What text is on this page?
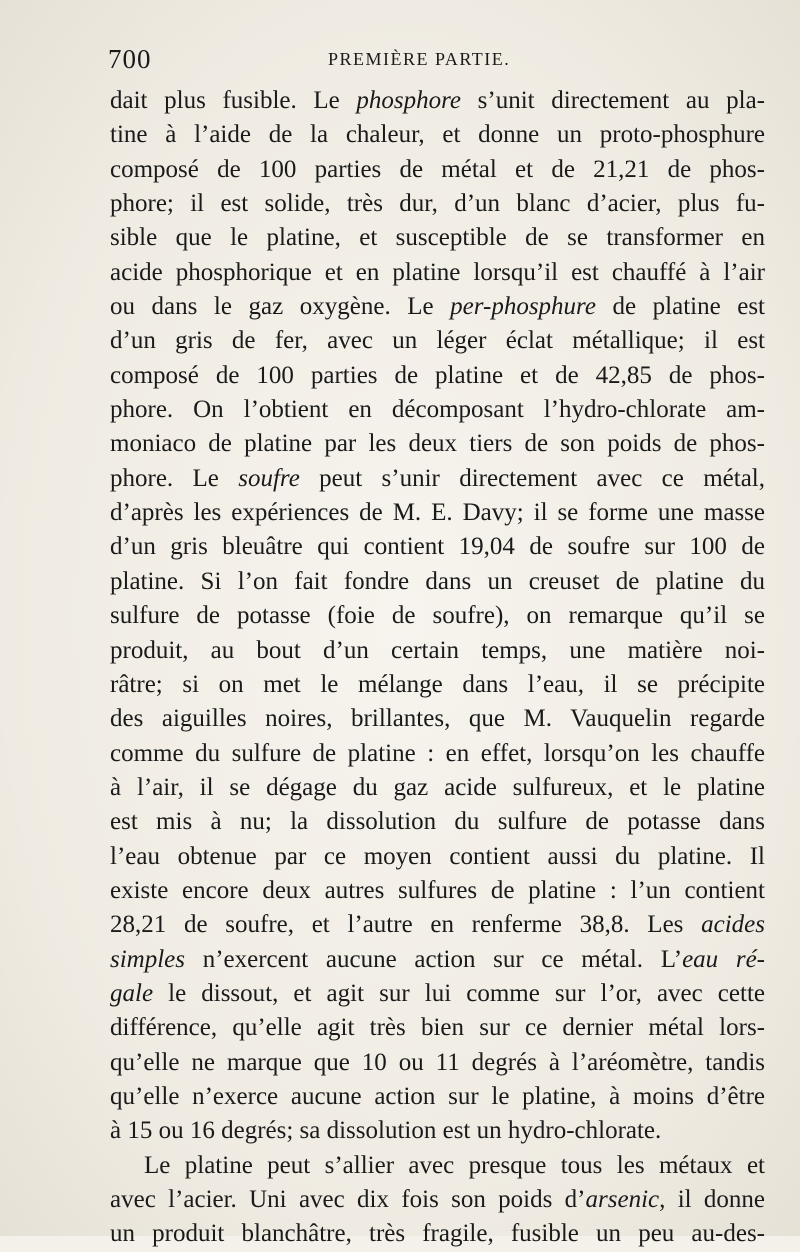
700	PREMIÈRE PARTIE.
dait plus fusible. Le phosphore s’unit directement au pla-
tine à l’aide de la chaleur, et donne un proto-phosphure
composé de 100 parties de métal et de 21,21 de phos-
phore; il est solide, très dur, d’un blanc d’acier, plus fu-
sible que le platine, et susceptible de se transformer en
acide phosphorique et en platine lorsqu’il est chauffé à l’air
ou dans le gaz oxygène. Le per-phosphure de platine est
d’un gris de fer, avec un léger éclat métallique; il est
composé de 100 parties de platine et de 42,85 de phos-
phore. On l’obtient en décomposant l’hydro-chlorate am-
moniaco de platine par les deux tiers de son poids de phos-
phore. Le soufre peut s’unir directement avec ce métal,
d’après les expériences de M. E. Davy; il se forme une masse
d’un gris bleuâtre qui contient 19,04 de soufre sur 100 de
platine. Si l’on fait fondre dans un creuset de platine du
sulfure de potasse (foie de soufre), on remarque qu’il se
produit, au bout d’un certain temps, une matière noi-
râtre; si on met le mélange dans l’eau, il se précipite
des aiguilles noires, brillantes, que M. Vauquelin regarde
comme du sulfure de platine : en effet, lorsqu’on les chauffe
à l’air, il se dégage du gaz acide sulfureux, et le platine
est mis à nu; la dissolution du sulfure de potasse dans
l’eau obtenue par ce moyen contient aussi du platine. Il
existe encore deux autres sulfures de platine : l’un contient
28,21 de soufre, et l’autre en renferme 38,8. Les acides
simples n’exercent aucune action sur ce métal. L’eau ré-
gale le dissout, et agit sur lui comme sur l’or, avec cette
différence, qu’elle agit très bien sur ce dernier métal lors-
qu’elle ne marque que 10 ou 11 degrés à l’aréomètre, tandis
qu’elle n’exerce aucune action sur le platine, à moins d’être
à 15 ou 16 degrés; sa dissolution est un hydro-chlorate.
Le platine peut s’allier avec presque tous les métaux et
avec l’acier. Uni avec dix fois son poids d’arsenic, il donne
un produit blanchâtre, très fragile, fusible un peu au-des-
